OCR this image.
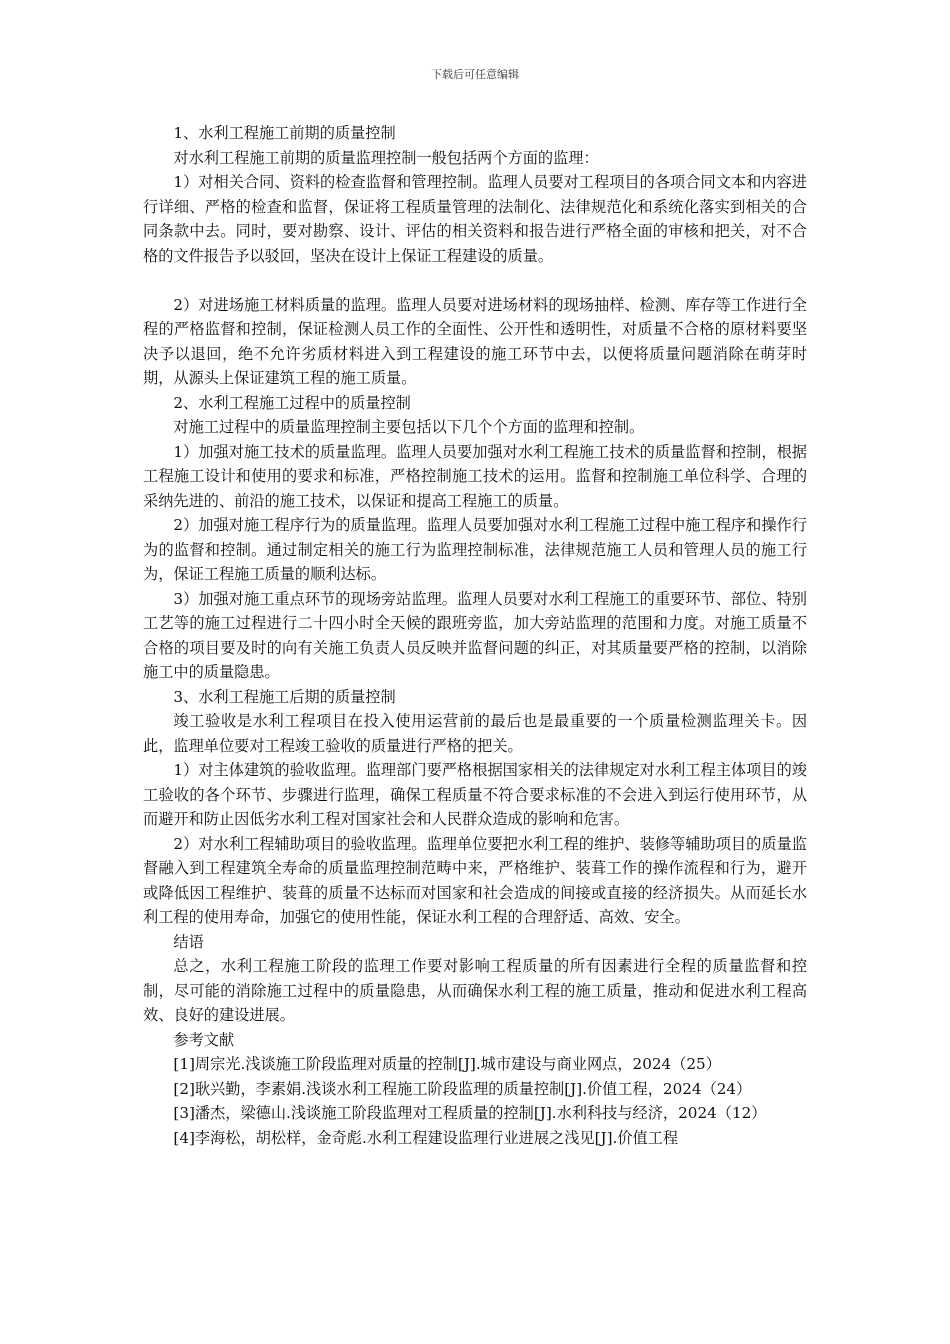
下载后可任意编辑

1、水利工程施工前期的质量控制

对水利工程施工前期的质量监理控制一般包括两个方面的监理：

1）对相关合同、资料的检查监督和管理控制。监理人员要对工程项目的各项合同文本和内容进行详细、严格的检查和监督，保证将工程质量管理的法制化、法律规范化和系统化落实到相关的合同条款中去。同时，要对勘察、设计、评估的相关资料和报告进行严格全面的审核和把关，对不合格的文件报告予以驳回，坚决在设计上保证工程建设的质量。

2）对进场施工材料质量的监理。监理人员要对进场材料的现场抽样、检测、库存等工作进行全程的严格监督和控制，保证检测人员工作的全面性、公开性和透明性，对质量不合格的原材料要坚决予以退回，绝不允许劣质材料进入到工程建设的施工环节中去，以便将质量问题消除在萌芽时期，从源头上保证建筑工程的施工质量。

2、水利工程施工过程中的质量控制

对施工过程中的质量监理控制主要包括以下几个个方面的监理和控制。

1）加强对施工技术的质量监理。监理人员要加强对水利工程施工技术的质量监督和控制，根据工程施工设计和使用的要求和标准，严格控制施工技术的运用。监督和控制施工单位科学、合理的采纳先进的、前沿的施工技术，以保证和提高工程施工的质量。

2）加强对施工程序行为的质量监理。监理人员要加强对水利工程施工过程中施工程序和操作行为的监督和控制。通过制定相关的施工行为监理控制标准，法律规范施工人员和管理人员的施工行为，保证工程施工质量的顺利达标。

3）加强对施工重点环节的现场旁站监理。监理人员要对水利工程施工的重要环节、部位、特别工艺等的施工过程进行二十四小时全天候的跟班旁监，加大旁站监理的范围和力度。对施工质量不合格的项目要及时的向有关施工负责人员反映并监督问题的纠正，对其质量要严格的控制，以消除施工中的质量隐患。

3、水利工程施工后期的质量控制

竣工验收是水利工程项目在投入使用运营前的最后也是最重要的一个质量检测监理关卡。因此，监理单位要对工程竣工验收的质量进行严格的把关。

1）对主体建筑的验收监理。监理部门要严格根据国家相关的法律规定对水利工程主体项目的竣工验收的各个环节、步骤进行监理，确保工程质量不符合要求标准的不会进入到运行使用环节，从而避开和防止因低劣水利工程对国家社会和人民群众造成的影响和危害。

2）对水利工程辅助项目的验收监理。监理单位要把水利工程的维护、装修等辅助项目的质量监督融入到工程建筑全寿命的质量监理控制范畴中来，严格维护、装葺工作的操作流程和行为，避开或降低因工程维护、装葺的质量不达标而对国家和社会造成的间接或直接的经济损失。从而延长水利工程的使用寿命，加强它的使用性能，保证水利工程的合理舒适、高效、安全。

结语

总之，水利工程施工阶段的监理工作要对影响工程质量的所有因素进行全程的质量监督和控制，尽可能的消除施工过程中的质量隐患，从而确保水利工程的施工质量，推动和促进水利工程高效、良好的建设进展。

参考文献

[1]周宗光.浅谈施工阶段监理对质量的控制[J].城市建设与商业网点，2024（25）

[2]耿兴勤，李素娟.浅谈水利工程施工阶段监理的质量控制[J].价值工程，2024（24）

[3]潘杰，梁德山.浅谈施工阶段监理对工程质量的控制[J].水利科技与经济，2024（12）

[4]李海松，胡松样，金奇彪.水利工程建设监理行业进展之浅见[J].价值工程
